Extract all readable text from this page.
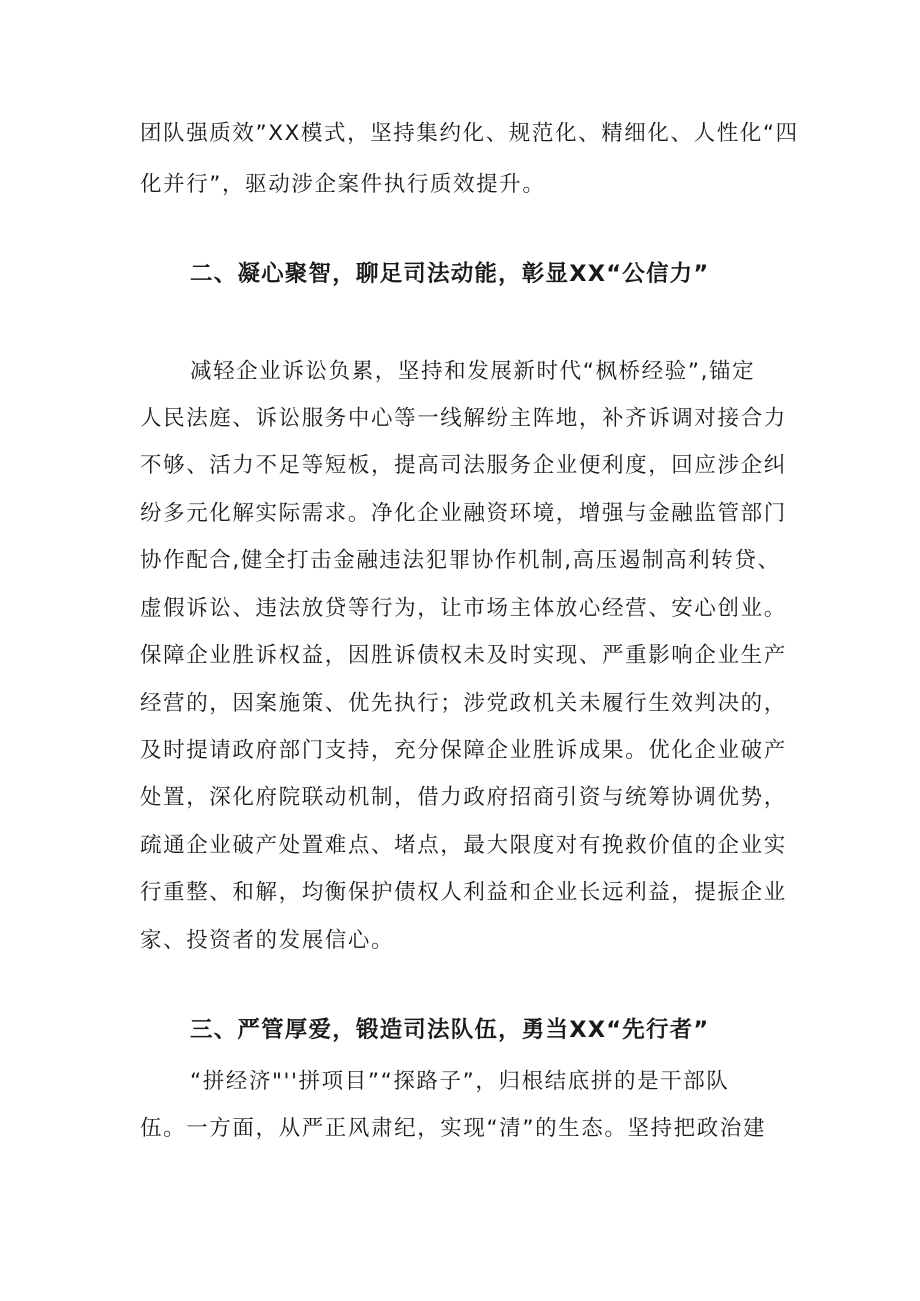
团队强质效”XX模式，坚持集约化、规范化、精细化、人性化“四
化并行”，驱动涉企案件执行质效提升。
二、凝心聚智，聊足司法动能，彰显XX“公信力”
减轻企业诉讼负累，坚持和发展新时代“枫桥经验”,锚定
人民法庭、诉讼服务中心等一线解纷主阵地，补齐诉调对接合力
不够、活力不足等短板，提高司法服务企业便利度，回应涉企纠
纷多元化解实际需求。净化企业融资环境，增强与金融监管部门
协作配合,健全打击金融违法犯罪协作机制,高压遏制高利转贷、
虚假诉讼、违法放贷等行为，让市场主体放心经营、安心创业。
保障企业胜诉权益，因胜诉债权未及时实现、严重影响企业生产
经营的，因案施策、优先执行；涉党政机关未履行生效判决的，
及时提请政府部门支持，充分保障企业胜诉成果。优化企业破产
处置，深化府院联动机制，借力政府招商引资与统筹协调优势，
疏通企业破产处置难点、堵点，最大限度对有挽救价值的企业实
行重整、和解，均衡保护债权人利益和企业长远利益，提振企业
家、投资者的发展信心。
三、严管厚爱，锻造司法队伍，勇当XX“先行者”
“拼经济"''拼项目”“探路子”，归根结底拼的是干部队
伍。一方面，从严正风肃纪，实现“清”的生态。坚持把政治建
